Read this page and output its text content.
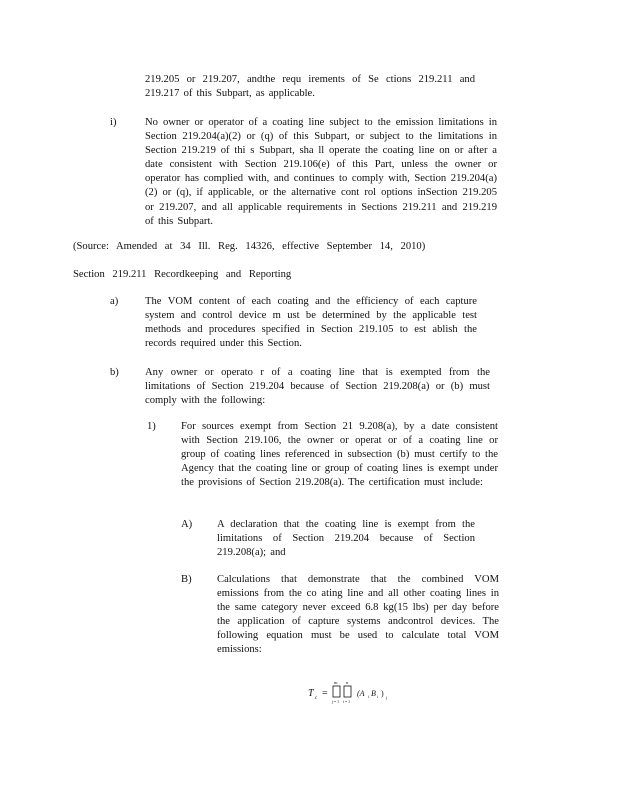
219.205 or 219.207, andthe requ irements of Se ctions 219.211 and 219.217 of this Subpart, as applicable.
i)	No owner or operator of a coating line subject to the emission limitations in Section 219.204(a)(2) or (q) of this Subpart, or subject to the limitations in Section 219.219 of thi s Subpart, sha ll operate the coating line on or after a date consistent with Section 219.106(e) of this Part, unless the owner or operator has complied with, and continues to comply with, Section 219.204(a)(2) or (q), if applicable, or the alternative cont rol options inSection 219.205 or 219.207, and all applicable requirements in Sections 219.211 and 219.219 of this Subpart.
(Source: Amended at 34 Ill. Reg. 14326, effective September 14, 2010)
Section 219.211 Recordkeeping and Reporting
a)	The VOM content of each coating and the efficiency of each capture system and control device m ust be determined by the applicable test methods and procedures specified in Section 219.105 to est ablish the records required under this Section.
b) Any owner or operato r of a coating line that is exempted from the limitations of Section 219.204 because of Section 219.208(a) or (b) must comply with the following:
1) For sources exempt from Section 21 9.208(a), by a date consistent with Section 219.106, the owner or operat or of a coating line or group of coating lines referenced in subsection (b) must certify to the Agency that the coating line or group of coating lines is exempt under the provisions of Section 219.208(a). The certification must include:
A) A declaration that the coating line is exempt from the limitations of Section 219.204 because of Section 219.208(a); and
B) Calculations that demonstrate that the combined VOM emissions from the co ating line and all other coating lines in the same category never exceed 6.8 kg(15 lbs) per day before the application of capture systems andcontrol devices. The following equation must be used to calculate total VOM emissions:
T c =
m
j = 1
n
i = 1
(A i B i ) j
